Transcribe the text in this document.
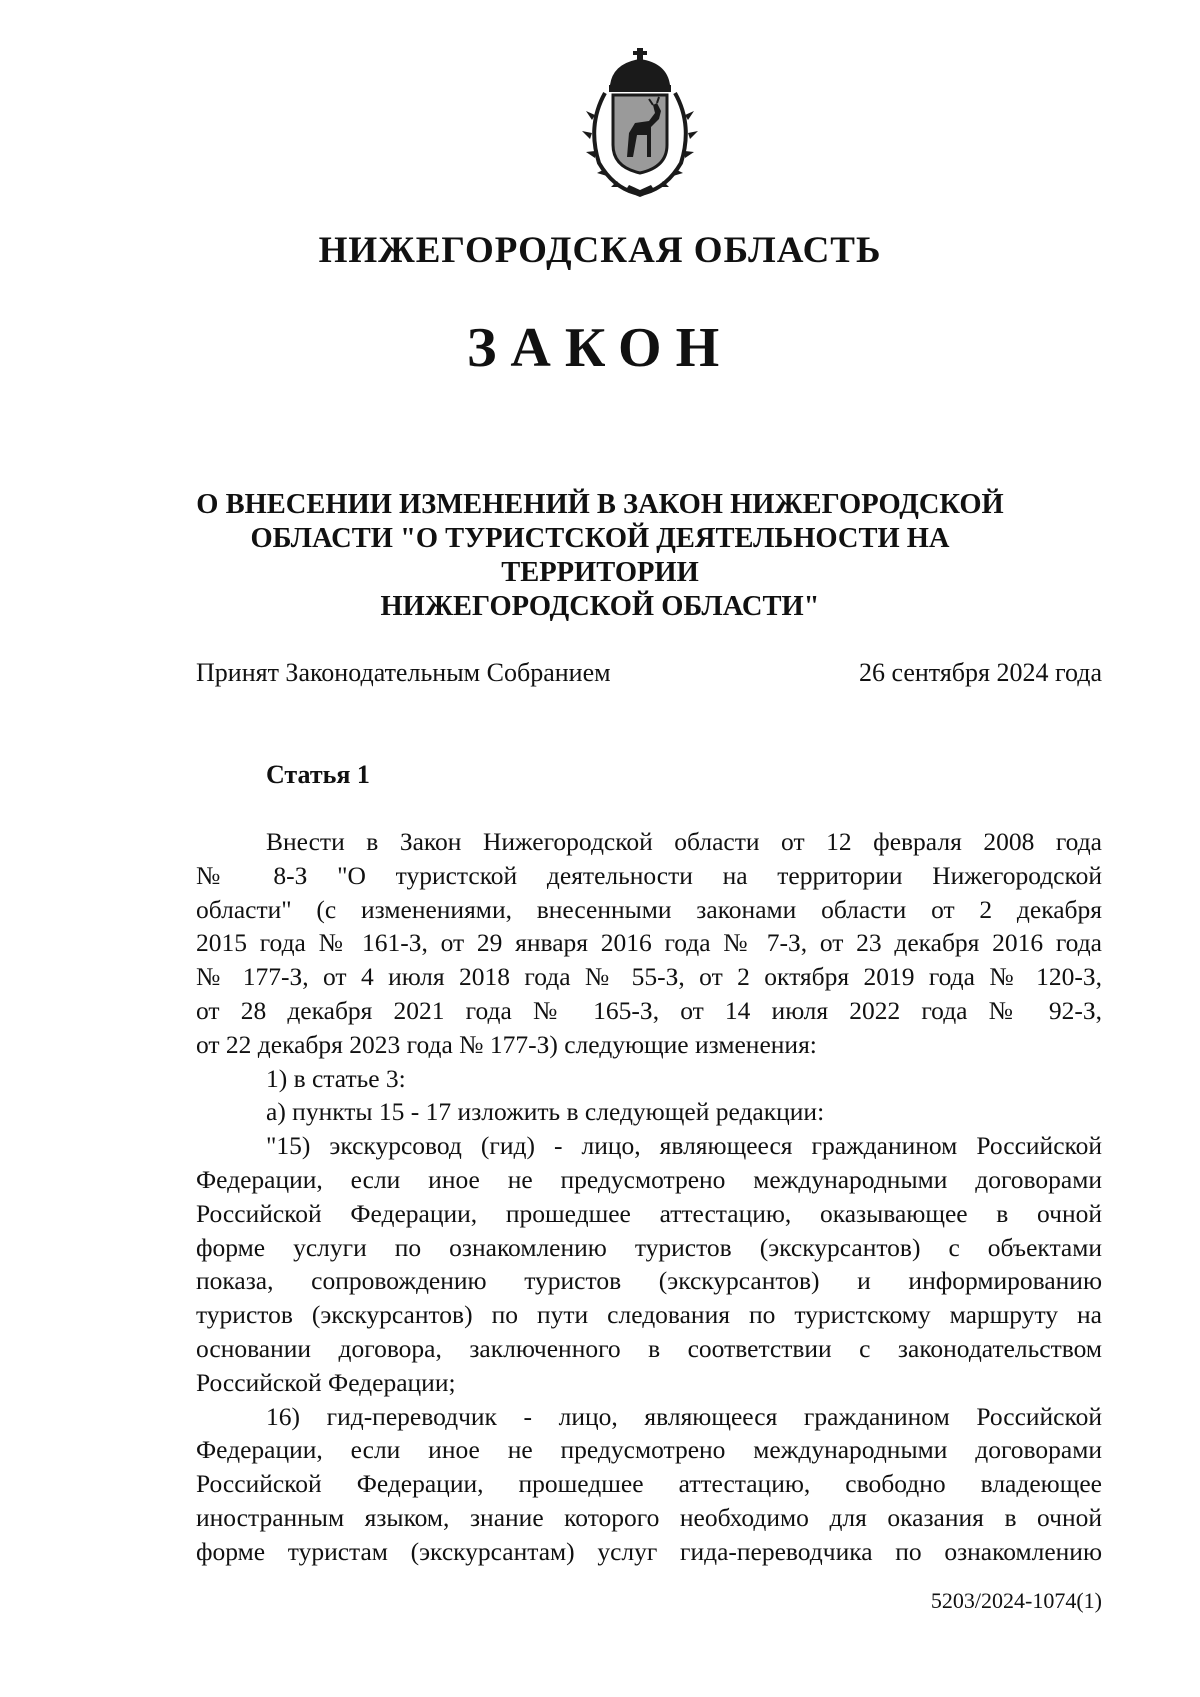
НИЖЕГОРОДСКАЯ ОБЛАСТЬ
ЗАКОН
О ВНЕСЕНИИ ИЗМЕНЕНИЙ В ЗАКОН НИЖЕГОРОДСКОЙ
ОБЛАСТИ "О ТУРИСТСКОЙ ДЕЯТЕЛЬНОСТИ НА ТЕРРИТОРИИ
НИЖЕГОРОДСКОЙ ОБЛАСТИ"
Принят Законодательным Собранием	26 сентября 2024 года
Статья 1
Внести в Закон Нижегородской области от 12 февраля 2008 года
№ 8-З "О туристской деятельности на территории Нижегородской
области" (с изменениями, внесенными законами области от 2 декабря
2015 года № 161-З, от 29 января 2016 года № 7-З, от 23 декабря 2016 года
№ 177-З, от 4 июля 2018 года № 55-З, от 2 октября 2019 года № 120-З,
от 28 декабря 2021 года № 165-З, от 14 июля 2022 года № 92-З,
от 22 декабря 2023 года № 177-З) следующие изменения:
1) в статье 3:
а) пункты 15 - 17 изложить в следующей редакции:
"15) экскурсовод (гид) - лицо, являющееся гражданином Российской
Федерации, если иное не предусмотрено международными договорами
Российской Федерации, прошедшее аттестацию, оказывающее в очной
форме услуги по ознакомлению туристов (экскурсантов) с объектами
показа, сопровождению туристов (экскурсантов) и информированию
туристов (экскурсантов) по пути следования по туристскому маршруту на
основании договора, заключенного в соответствии с законодательством
Российской Федерации;
16) гид-переводчик - лицо, являющееся гражданином Российской
Федерации, если иное не предусмотрено международными договорами
Российской Федерации, прошедшее аттестацию, свободно владеющее
иностранным языком, знание которого необходимо для оказания в очной
форме туристам (экскурсантам) услуг гида-переводчика по ознакомлению
5203/2024-1074(1)
